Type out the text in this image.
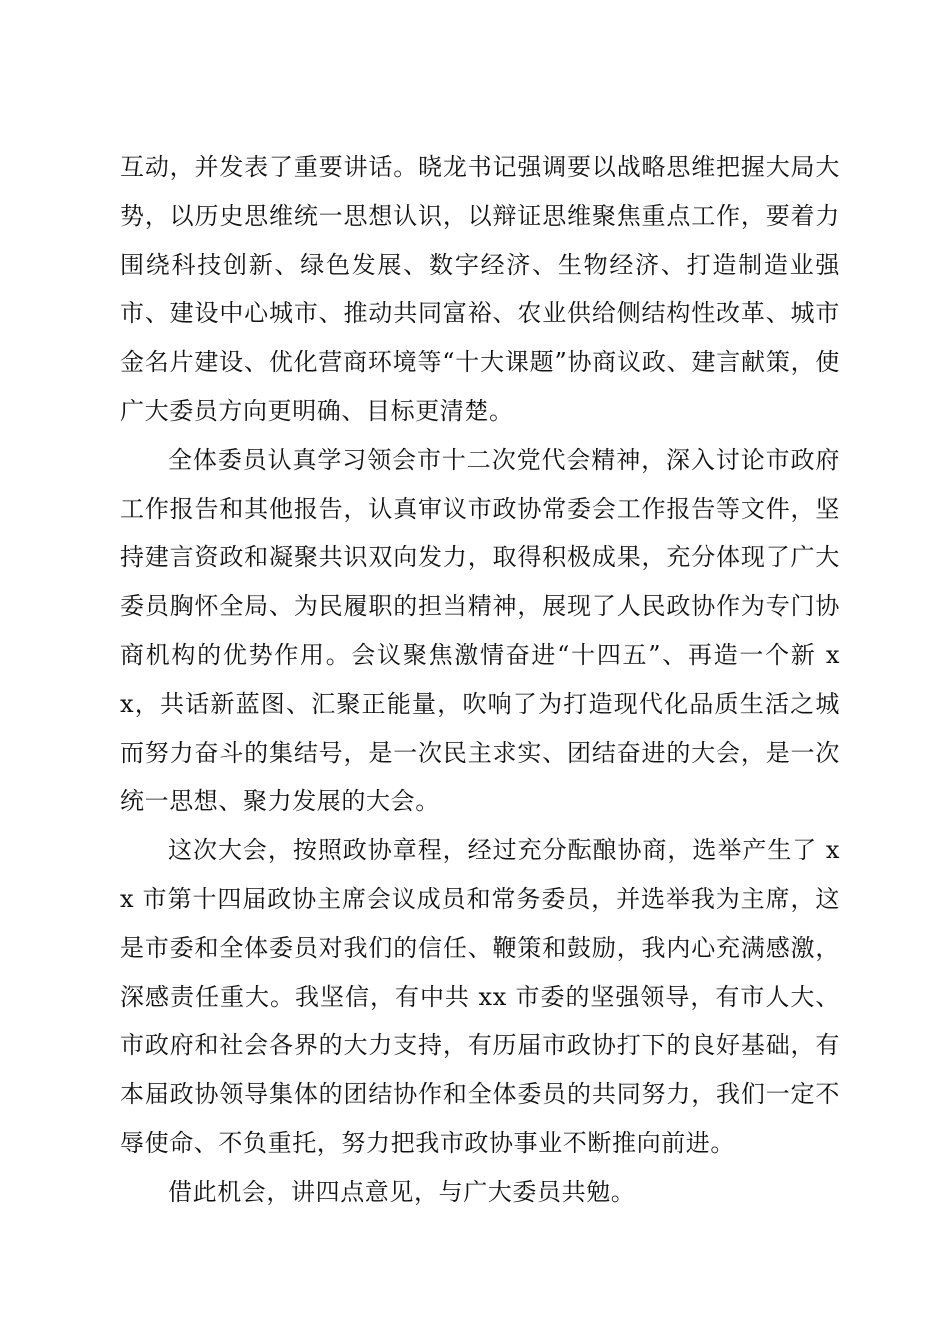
互动，并发表了重要讲话。晓龙书记强调要以战略思维把握大局大势，以历史思维统一思想认识，以辩证思维聚焦重点工作，要着力围绕科技创新、绿色发展、数字经济、生物经济、打造制造业强市、建设中心城市、推动共同富裕、农业供给侧结构性改革、城市金名片建设、优化营商环境等“十大课题”协商议政、建言献策，使广大委员方向更明确、目标更清楚。

全体委员认真学习领会市十二次党代会精神，深入讨论市政府工作报告和其他报告，认真审议市政协常委会工作报告等文件，坚持建言资政和凝聚共识双向发力，取得积极成果，充分体现了广大委员胸怀全局、为民履职的担当精神，展现了人民政协作为专门协商机构的优势作用。会议聚焦激情奋进“十四五”、再造一个新 xx，共话新蓝图、汇聚正能量，吹响了为打造现代化品质生活之城而努力奋斗的集结号，是一次民主求实、团结奋进的大会，是一次统一思想、聚力发展的大会。

这次大会，按照政协章程，经过充分酝酿协商，选举产生了 xx 市第十四届政协主席会议成员和常务委员，并选举我为主席，这是市委和全体委员对我们的信任、鞭策和鼓励，我内心充满感激，深感责任重大。我坚信，有中共 xx 市委的坚强领导，有市人大、市政府和社会各界的大力支持，有历届市政协打下的良好基础，有本届政协领导集体的团结协作和全体委员的共同努力，我们一定不辱使命、不负重托，努力把我市政协事业不断推向前进。

借此机会，讲四点意见，与广大委员共勉。
